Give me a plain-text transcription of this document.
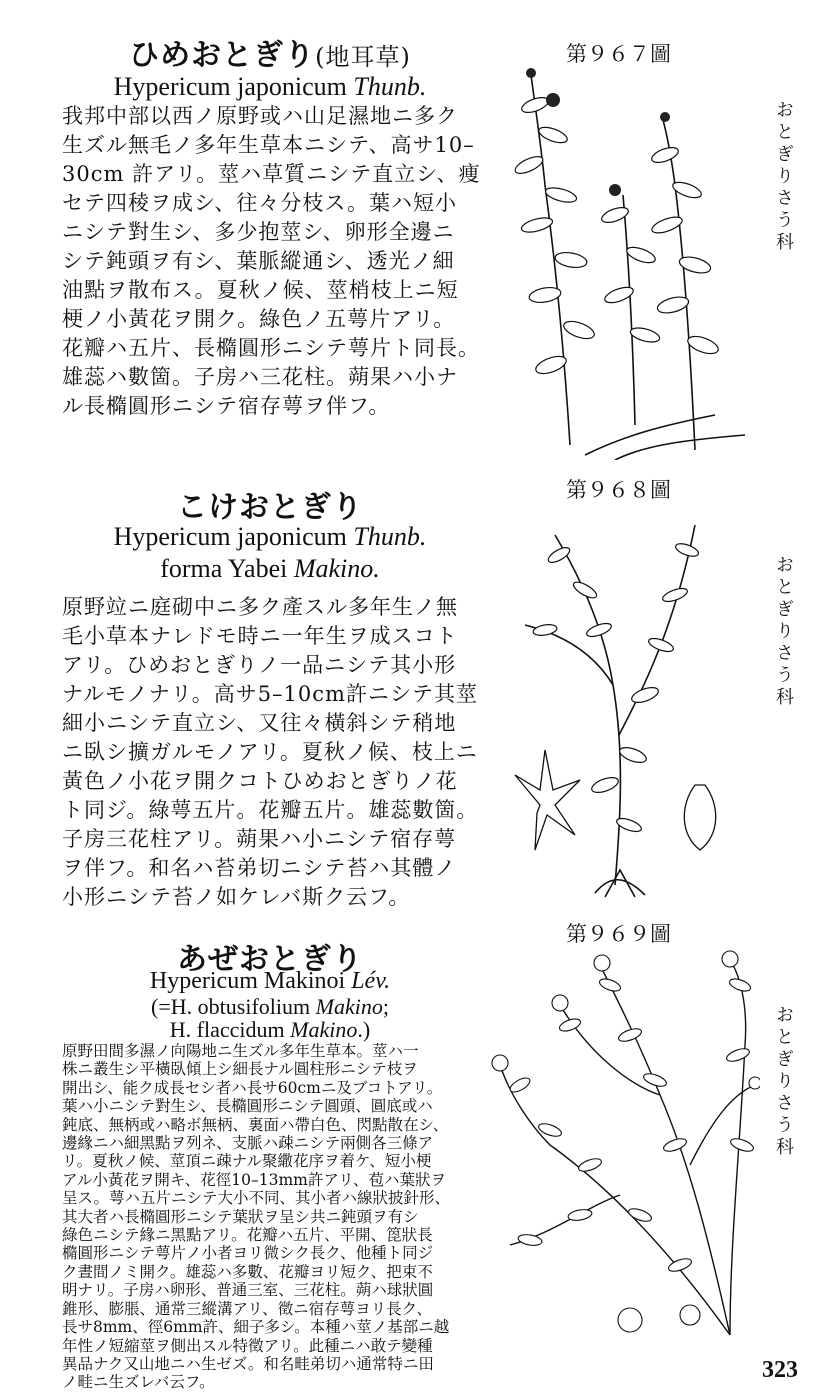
ひめおとぎり(地耳草)
Hypericum japonicum Thunb.
我邦中部以西ノ原野或ハ山足濕地ニ多ク
生ズル無毛ノ多年生草本ニシテ、高サ10–
30cm 許アリ。莖ハ草質ニシテ直立シ、痩
セテ四稜ヲ成シ、往々分枝ス。葉ハ短小
ニシテ對生シ、多少抱莖シ、卵形全邊ニ
シテ鈍頭ヲ有シ、葉脈縱通シ、透光ノ細
油點ヲ散布ス。夏秋ノ候、莖梢枝上ニ短
梗ノ小黃花ヲ開ク。綠色ノ五萼片アリ。
花瓣ハ五片、長橢圓形ニシテ萼片ト同長。
雄蕊ハ數箇。子房ハ三花柱。蒴果ハ小ナ
ル長橢圓形ニシテ宿存萼ヲ伴フ。
第９６７圖
おとぎりさう科
こけおとぎり
Hypericum japonicum Thunb.
forma Yabei Makino.
原野竝ニ庭砌中ニ多ク產スル多年生ノ無
毛小草本ナレドモ時ニ一年生ヲ成スコト
アリ。ひめおとぎりノ一品ニシテ其小形
ナルモノナリ。高サ5–10cm許ニシテ其莖
細小ニシテ直立シ、又往々橫斜シテ稍地
ニ臥シ擴ガルモノアリ。夏秋ノ候、枝上ニ
黃色ノ小花ヲ開クコトひめおとぎりノ花
ト同ジ。綠萼五片。花瓣五片。雄蕊數箇。
子房三花柱アリ。蒴果ハ小ニシテ宿存萼
ヲ伴フ。和名ハ苔弟切ニシテ苔ハ其體ノ
小形ニシテ苔ノ如ケレバ斯ク云フ。
第９６８圖
おとぎりさう科
あぜおとぎり
Hypericum Makinoi Lév.
(=H. obtusifolium Makino;
H. flaccidum Makino.)
原野田間多濕ノ向陽地ニ生ズル多年生草本。莖ハ一
株ニ叢生シ平橫臥傾上シ細長ナル圓柱形ニシテ枝ヲ
開出シ、能ク成長セシ者ハ長サ60cmニ及ブコトアリ。
葉ハ小ニシテ對生シ、長橢圓形ニシテ圓頭、圓底或ハ
鈍底、無柄或ハ略ボ無柄、裏面ハ帶白色、閃點散在シ、
邊緣ニハ細黑點ヲ列ネ、支脈ハ疎ニシテ兩側各三條ア
リ。夏秋ノ候、莖頂ニ疎ナル聚繖花序ヲ着ケ、短小梗
アル小黃花ヲ開キ、花徑10–13mm許アリ、苞ハ葉狀ヲ
呈ス。萼ハ五片ニシテ大小不同、其小者ハ線狀披針形、
其大者ハ長橢圓形ニシテ葉狀ヲ呈シ共ニ鈍頭ヲ有シ
綠色ニシテ緣ニ黑點アリ。花瓣ハ五片、平開、箆狀長
橢圓形ニシテ萼片ノ小者ヨリ微シク長ク、他種ト同ジ
ク晝間ノミ開ク。雄蕊ハ多數、花瓣ヨリ短ク、把束不
明ナリ。子房ハ卵形、普通三室、三花柱。蒴ハ球狀圓
錐形、膨脹、通常三縱溝アリ、徵ニ宿存萼ヨリ長ク、
長サ8mm、徑6mm許、細子多シ。本種ハ莖ノ基部ニ越
年性ノ短縮莖ヲ側出スル特徵アリ。此種ニハ敢テ變種
異品ナク又山地ニハ生ゼズ。和名畦弟切ハ通常特ニ田
ノ畦ニ生ズレバ云フ。
第９６９圖
おとぎりさう科
323
